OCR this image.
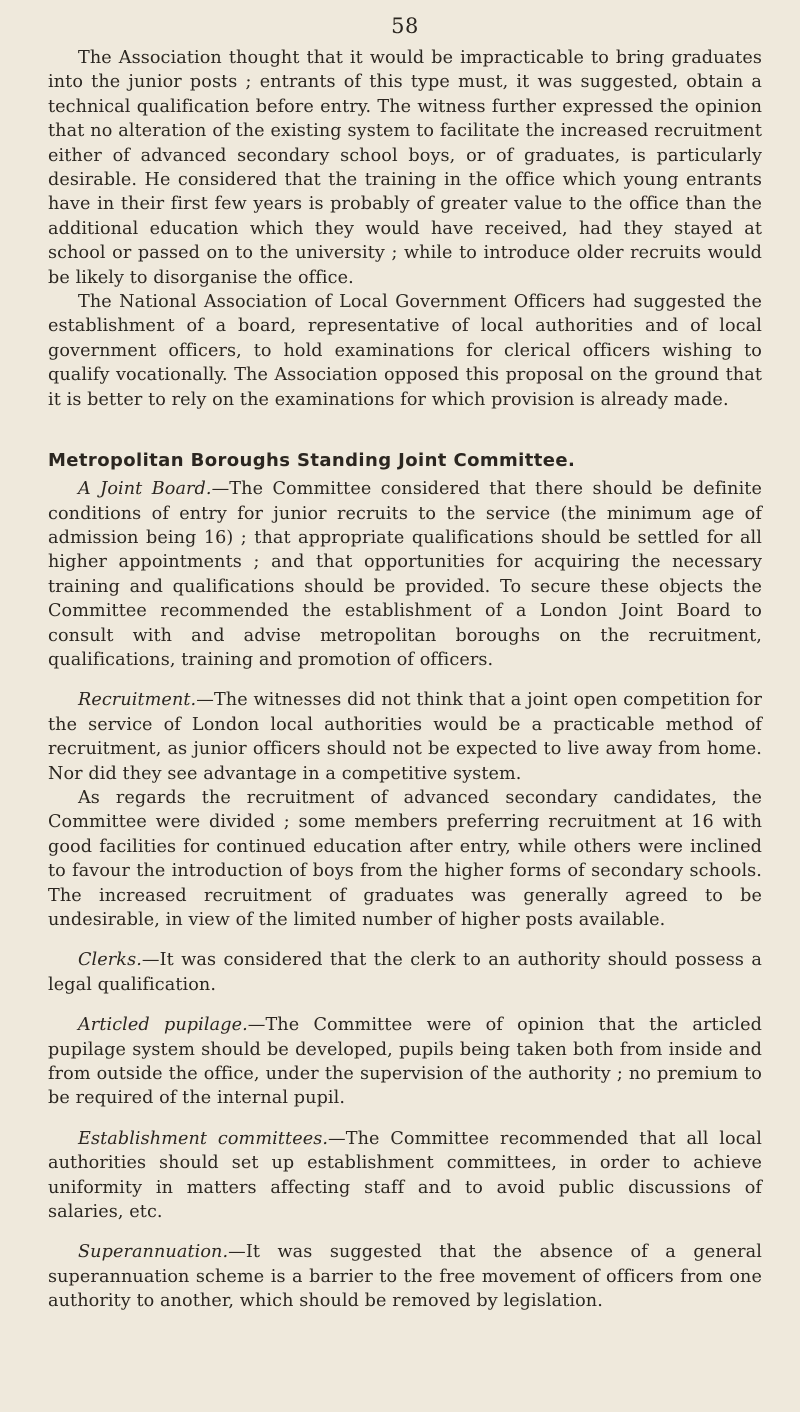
58

The Association thought that it would be impracticable to bring graduates into the junior posts ; entrants of this type must, it was suggested, obtain a technical qualification before entry. The witness further expressed the opinion that no alteration of the existing system to facilitate the increased recruitment either of advanced secondary school boys, or of graduates, is particularly desirable. He considered that the training in the office which young entrants have in their first few years is probably of greater value to the office than the additional education which they would have received, had they stayed at school or passed on to the university ; while to introduce older recruits would be likely to disorganise the office.

The National Association of Local Government Officers had suggested the establishment of a board, representative of local authorities and of local government officers, to hold examinations for clerical officers wishing to qualify vocationally. The Association opposed this proposal on the ground that it is better to rely on the examinations for which provision is already made.

Metropolitan Boroughs Standing Joint Committee.

A Joint Board.—The Committee considered that there should be definite conditions of entry for junior recruits to the service (the minimum age of admission being 16) ; that appropriate qualifications should be settled for all higher appointments ; and that opportunities for acquiring the necessary training and qualifications should be provided. To secure these objects the Committee recommended the establishment of a London Joint Board to consult with and advise metropolitan boroughs on the recruitment, qualifications, training and promotion of officers.

Recruitment.—The witnesses did not think that a joint open competition for the service of London local authorities would be a practicable method of recruitment, as junior officers should not be expected to live away from home. Nor did they see advantage in a competitive system.

As regards the recruitment of advanced secondary candidates, the Committee were divided ; some members preferring recruitment at 16 with good facilities for continued education after entry, while others were inclined to favour the introduction of boys from the higher forms of secondary schools. The increased recruitment of graduates was generally agreed to be undesirable, in view of the limited number of higher posts available.

Clerks.—It was considered that the clerk to an authority should possess a legal qualification.

Articled pupilage.—The Committee were of opinion that the articled pupilage system should be developed, pupils being taken both from inside and from outside the office, under the supervision of the authority ; no premium to be required of the internal pupil.

Establishment committees.—The Committee recommended that all local authorities should set up establishment committees, in order to achieve uniformity in matters affecting staff and to avoid public discussions of salaries, etc.

Superannuation.—It was suggested that the absence of a general superannuation scheme is a barrier to the free movement of officers from one authority to another, which should be removed by legislation.
